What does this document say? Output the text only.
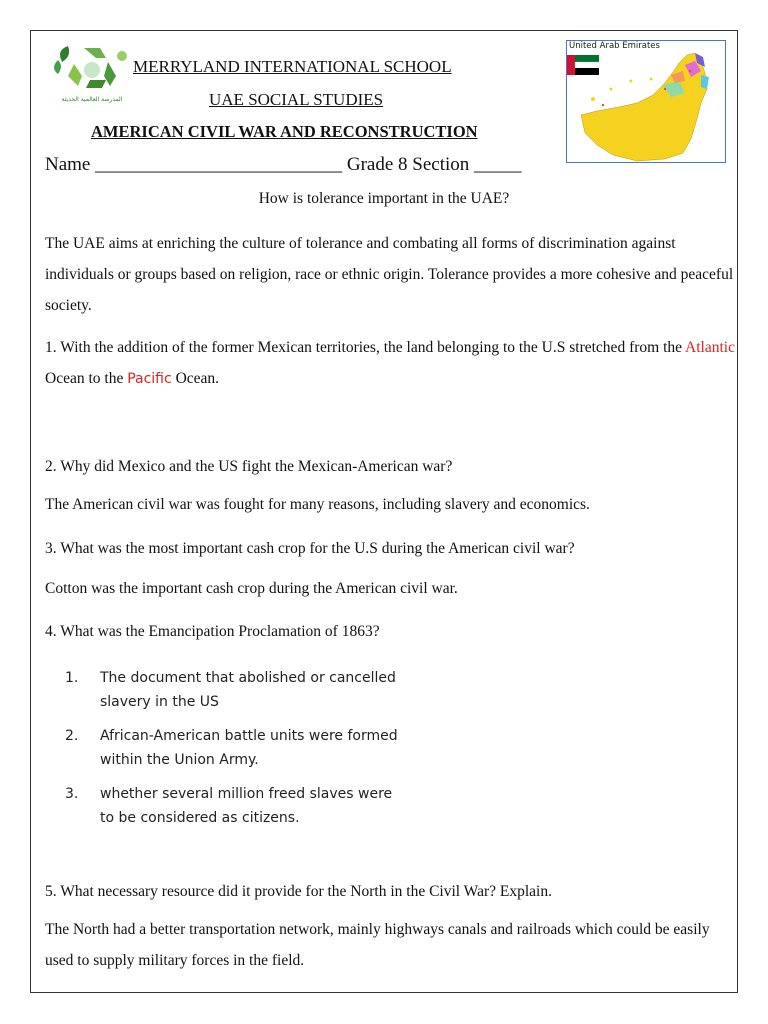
المدرسة العالمية الحديثة
MERRYLAND INTERNATIONAL SCHOOL
UAE SOCIAL STUDIES
AMERICAN CIVIL WAR AND RECONSTRUCTION
Name __________________________ Grade 8 Section _____
United Arab Emirates
How is tolerance important in the UAE?
The UAE aims at enriching the culture of tolerance and combating all forms of discrimination against individuals or groups based on religion, race or ethnic origin. Tolerance provides a more cohesive and peaceful society.
1. With the addition of the former Mexican territories, the land belonging to the U.S stretched from the Atlantic Ocean to the Pacific Ocean.
2. Why did Mexico and the US fight the Mexican-American war?
The American civil war was fought for many reasons, including slavery and economics.
3. What was the most important cash crop for the U.S during the American civil war?
Cotton was the important cash crop during the American civil war.
4. What was the Emancipation Proclamation of 1863?
1. The document that abolished or cancelled slavery in the US
2. African-American battle units were formed within the Union Army.
3. whether several million freed slaves were to be considered as citizens.
5. What necessary resource did it provide for the North in the Civil War? Explain.
The North had a better transportation network, mainly highways canals and railroads which could be easily used to supply military forces in the field.
